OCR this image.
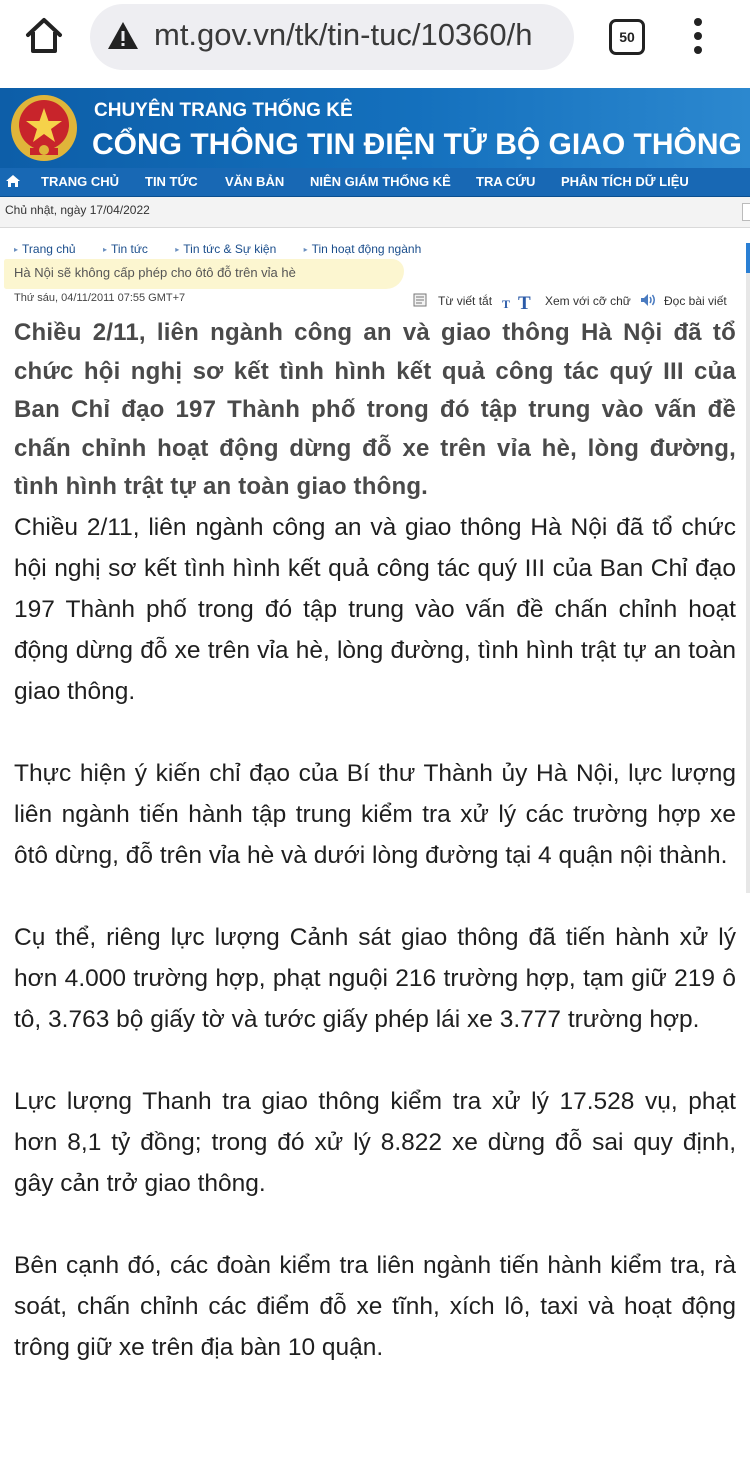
mt.gov.vn/tk/tin-tuc/10360/h	50
CHUYÊN TRANG THỐNG KÊ
CỔNG THÔNG TIN ĐIỆN TỬ BỘ GIAO THÔNG
TRANG CHỦ TIN TỨC VĂN BẢN NIÊN GIÁM THỐNG KÊ TRA CỨU PHÂN TÍCH DỮ LIỆU
Chủ nhật, ngày 17/04/2022
▸ Trang chủ	▸ Tin tức	▸ Tin tức & Sự kiện	▸ Tin hoạt động ngành
Hà Nội sẽ không cấp phép cho ôtô đỗ trên vỉa hè
Thứ sáu, 04/11/2011 07:55 GMT+7	Từ viết tắt T T Xem với cỡ chữ	Đọc bài viết

Chiều 2/11, liên ngành công an và giao thông Hà Nội đã tổ chức hội nghị sơ kết tình hình kết quả công tác quý III của Ban Chỉ đạo 197 Thành phố trong đó tập trung vào vấn đề chấn chỉnh hoạt động dừng đỗ xe trên vỉa hè, lòng đường, tình hình trật tự an toàn giao thông.

Chiều 2/11, liên ngành công an và giao thông Hà Nội đã tổ chức hội nghị sơ kết tình hình kết quả công tác quý III của Ban Chỉ đạo 197 Thành phố trong đó tập trung vào vấn đề chấn chỉnh hoạt động dừng đỗ xe trên vỉa hè, lòng đường, tình hình trật tự an toàn giao thông.

Thực hiện ý kiến chỉ đạo của Bí thư Thành ủy Hà Nội, lực lượng liên ngành tiến hành tập trung kiểm tra xử lý các trường hợp xe ôtô dừng, đỗ trên vỉa hè và dưới lòng đường tại 4 quận nội thành.

Cụ thể, riêng lực lượng Cảnh sát giao thông đã tiến hành xử lý hơn 4.000 trường hợp, phạt nguội 216 trường hợp, tạm giữ 219 ô tô, 3.763 bộ giấy tờ và tước giấy phép lái xe 3.777 trường hợp.

Lực lượng Thanh tra giao thông kiểm tra xử lý 17.528 vụ, phạt hơn 8,1 tỷ đồng; trong đó xử lý 8.822 xe dừng đỗ sai quy định, gây cản trở giao thông.

Bên cạnh đó, các đoàn kiểm tra liên ngành tiến hành kiểm tra, rà soát, chấn chỉnh các điểm đỗ xe tĩnh, xích lô, taxi và hoạt động trông giữ xe trên địa bàn 10 quận.
